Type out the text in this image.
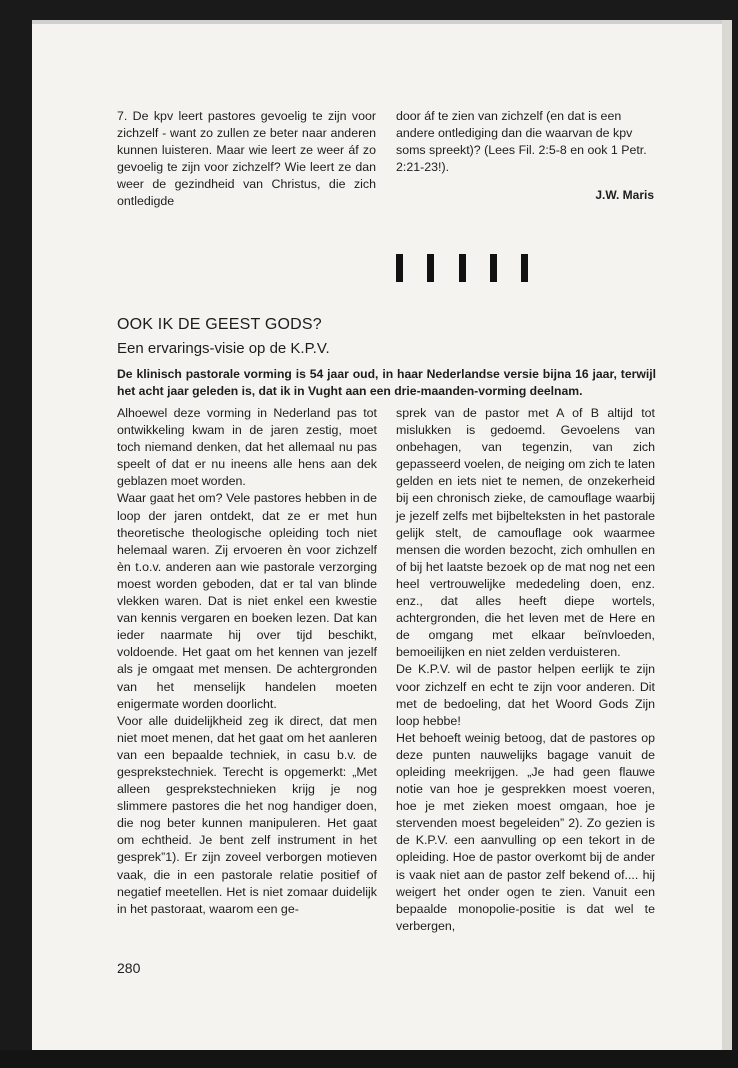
7. De kpv leert pastores gevoelig te zijn voor zichzelf - want zo zullen ze beter naar anderen kunnen luisteren. Maar wie leert ze weer áf zo gevoelig te zijn voor zichzelf? Wie leert ze dan weer de gezindheid van Christus, die zich ontledigde

door áf te zien van zichzelf (en dat is een andere ontlediging dan die waarvan de kpv soms spreekt)? (Lees Fil. 2:5-8 en ook 1 Petr. 2:21-23!).

J.W. Maris
OOK IK DE GEEST GODS?
Een ervarings-visie op de K.P.V.
De klinisch pastorale vorming is 54 jaar oud, in haar Nederlandse versie bijna 16 jaar, terwijl het acht jaar geleden is, dat ik in Vught aan een drie-maanden-vorming deelnam.

Alhoewel deze vorming in Nederland pas tot ontwikkeling kwam in de jaren zestig, moet toch niemand denken, dat het allemaal nu pas speelt of dat er nu ineens alle hens aan dek geblazen moet worden.

Waar gaat het om? Vele pastores hebben in de loop der jaren ontdekt, dat ze er met hun theoretische theologische opleiding toch niet helemaal waren. Zij ervoeren èn voor zichzelf èn t.o.v. anderen aan wie pastorale verzorging moest worden geboden, dat er tal van blinde vlekken waren. Dat is niet enkel een kwestie van kennis vergaren en boeken lezen. Dat kan ieder naarmate hij over tijd beschikt, voldoende. Het gaat om het kennen van jezelf als je omgaat met mensen. De achtergronden van het menselijk handelen moeten enigermate worden doorlicht.

Voor alle duidelijkheid zeg ik direct, dat men niet moet menen, dat het gaat om het aanleren van een bepaalde techniek, in casu b.v. de gesprekstechniek. Terecht is opgemerkt: „Met alleen gesprekstechnieken krijg je nog slimmere pastores die het nog handiger doen, die nog beter kunnen manipuleren. Het gaat om echtheid. Je bent zelf instrument in het gesprek”1). Er zijn zoveel verborgen motieven vaak, die in een pastorale relatie positief of negatief meetellen. Het is niet zomaar duidelijk in het pastoraat, waarom een ge-

sprek van de pastor met A of B altijd tot mislukken is gedoemd. Gevoelens van onbehagen, van tegenzin, van zich gepasseerd voelen, de neiging om zich te laten gelden en iets niet te nemen, de onzekerheid bij een chronisch zieke, de camouflage waarbij je jezelf zelfs met bijbelteksten in het pastorale gelijk stelt, de camouflage ook waarmee mensen die worden bezocht, zich omhullen en of bij het laatste bezoek op de mat nog net een heel vertrouwelijke mededeling doen, enz. enz., dat alles heeft diepe wortels, achtergronden, die het leven met de Here en de omgang met elkaar beïnvloeden, bemoeilijken en niet zelden verduisteren.

De K.P.V. wil de pastor helpen eerlijk te zijn voor zichzelf en echt te zijn voor anderen. Dit met de bedoeling, dat het Woord Gods Zijn loop hebbe!

Het behoeft weinig betoog, dat de pastores op deze punten nauwelijks bagage vanuit de opleiding meekrijgen. „Je had geen flauwe notie van hoe je gesprekken moest voeren, hoe je met zieken moest omgaan, hoe je stervenden moest begeleiden” 2). Zo gezien is de K.P.V. een aanvulling op een tekort in de opleiding. Hoe de pastor overkomt bij de ander is vaak niet aan de pastor zelf bekend of.... hij weigert het onder ogen te zien. Vanuit een bepaalde monopolie-positie is dat wel te verbergen,

280
